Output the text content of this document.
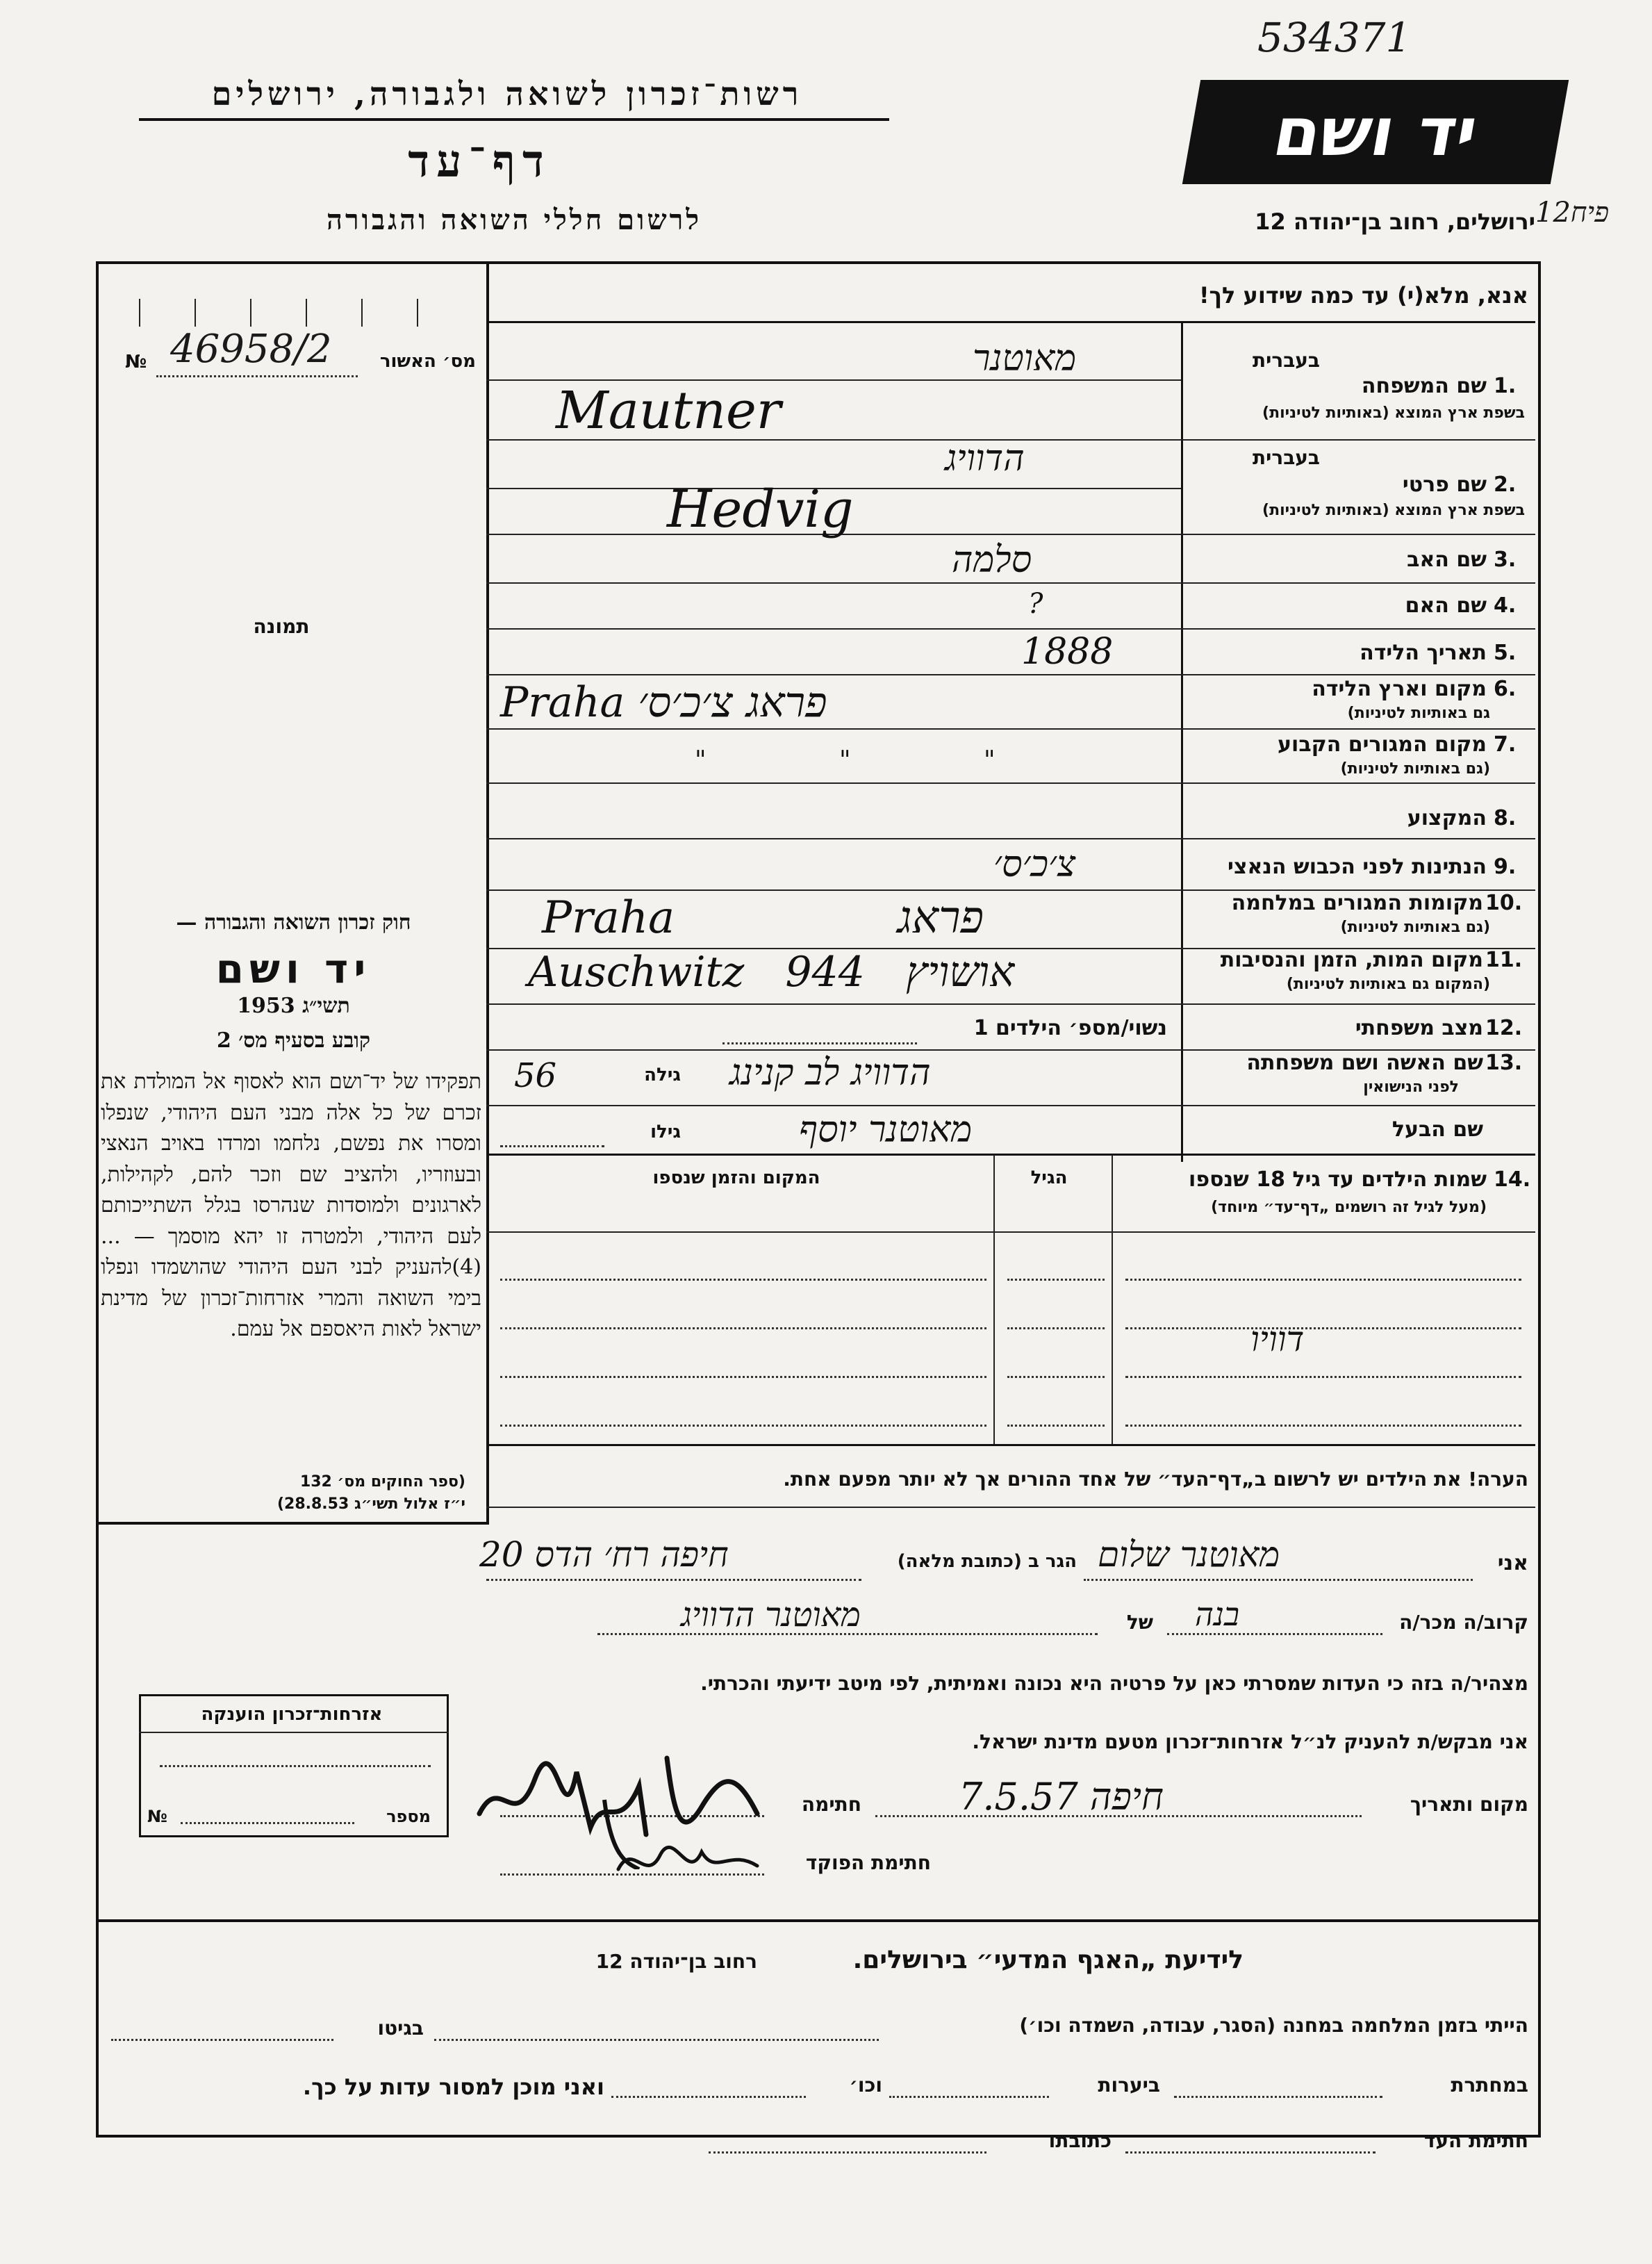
534371
יד ושם
רשות־זכרון לשואה ולגבורה, ירושלים
דף־עד
לרשום חללי השואה והגבורה	ירושלים, רחוב בן־יהודה 12 פיח12
אנא, מלא(י) עד כמה שידוע לך!
№ 46958/2	מס׳ האשור
תמונה
חוק זכרון השואה והגבורה —
יד ושם
תשי״ג 1953
קובע בסעיף מס׳ 2
תפקידו של יד־ושם הוא לאסוף אל המולדת את זכרם של כל אלה מבני העם היהודי, שנפלו ומסרו את נפשם, נלחמו ומרדו באויב הנאצי ובעוזריו, ולהציב שם וזכר להם, לקהילות, לארגונים ולמוסדות שנהרסו בגלל השתייכותם לעם היהודי, ולמטרה זו יהא מוסמך — ...(4)להעניק לבני העם היהודי שהושמדו ונפלו בימי השואה והמרי אזרחות־זכרון של מדינת ישראל לאות היאספם אל עמם.
(ספר החוקים מס׳ 132
י״ז אלול תשי״ג 28.8.53)
בעברית
1.
שם המשפחה
בשפת ארץ המוצא (באותיות לטיניות)
מאוטנר
Mautner
בעברית
2.
שם פרטי
בשפת ארץ המוצא (באותיות לטיניות)
הדוויג
Hedvig
3.
שם האב
סלמה
4.
שם האם
?
5.
תאריך הלידה
1888
6.
מקום וארץ הלידה
גם באותיות לטיניות)
Praha פראג צ׳כ׳ס׳
7.
מקום המגורים הקבוע
(גם באותיות לטיניות)
" " "
8.
המקצוע
9.
הנתינות לפני הכבוש הנאצי
צ׳כ׳ס׳
10.
מקומות המגורים במלחמה
(גם באותיות לטיניות)
Praha פראג
11.
מקום המות, הזמן והנסיבות
(המקום גם באותיות לטיניות)
Auschwitz 944 אושויץ
12.
מצב משפחתי
נשוי/מספ׳ הילדים 1
13.
שם האשה ושם משפחתה
לפני הנישואין
הדוויג לב קנינג
גילה
56
שם הבעל
מאוטנר יוסף
גילו
14.
שמות הילדים עד גיל 18 שנספו
(מעל לגיל זה רושמים „דף־עד״ מיוחד)
הגיל
המקום והזמן שנספו
דוויו
הערה! את הילדים יש לרשום ב„דף־העד״ של אחד ההורים אך לא יותר מפעם אחת.
אני
מאוטנר שלום
הגר ב (כתובת מלאה)
חיפה רח׳ הדס 20
קרוב/ה מכר/ה
בנה
של
מאוטנר הדוויג
מצהיר/ה בזה כי העדות שמסרתי כאן על פרטיה היא נכונה ואמיתית, לפי מיטב ידיעתי והכרתי.
אני מבקש/ת להעניק לנ״ל אזרחות־זכרון מטעם מדינת ישראל.
אזרחות־זכרון הוענקה
№	מספר
מקום ותאריך
חיפה 7.5.57
חתימה
חתימת הפוקד
לידיעת „האגף המדעי״ בירושלים.
רחוב בן־יהודה 12
הייתי בזמן המלחמה במחנה (הסגר, עבודה, השמדה וכו׳)
בגיטו
במחתרת
ביערות
וכו׳
ואני מוכן למסור עדות על כך.
חתימת העד
כתובתו
